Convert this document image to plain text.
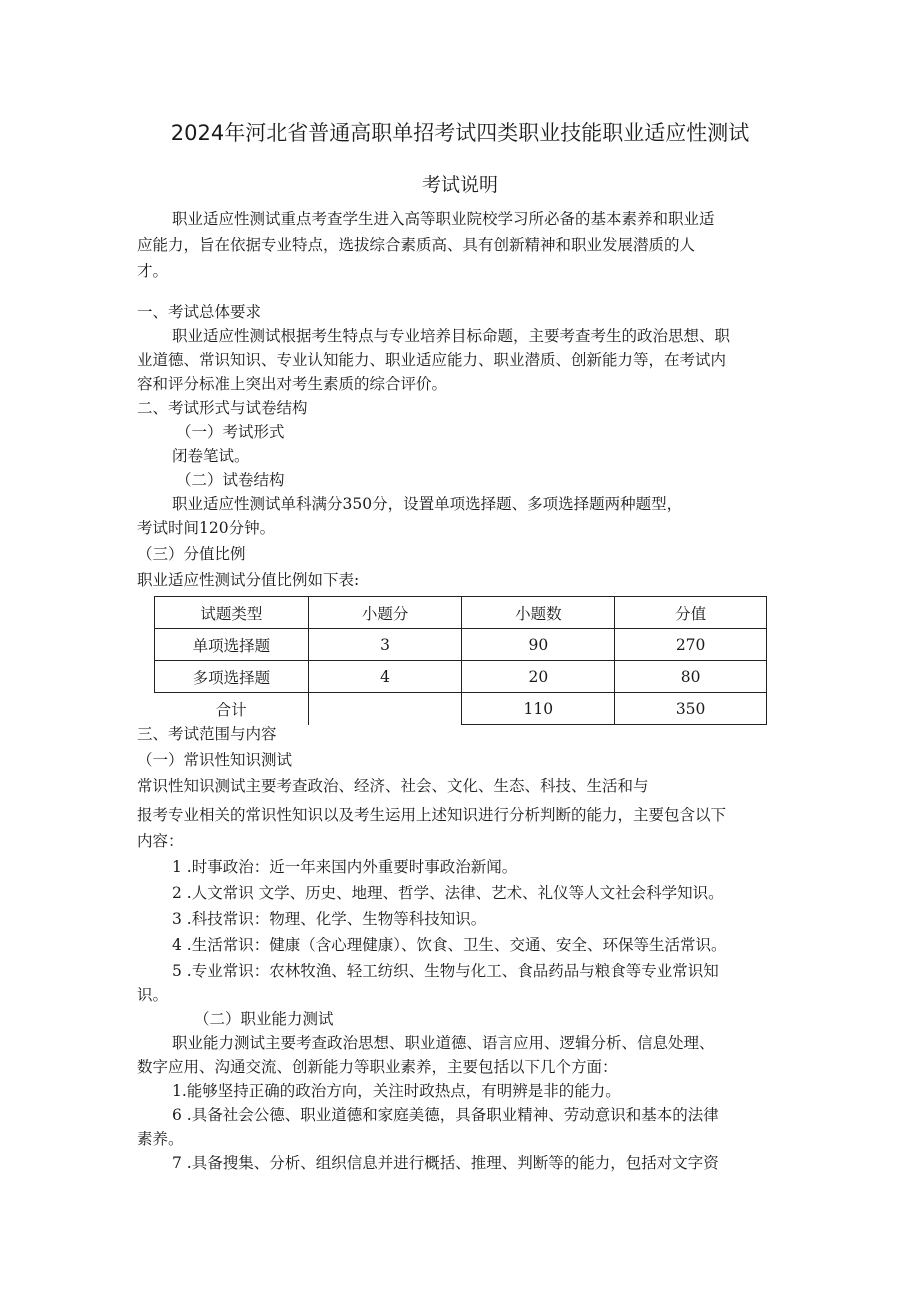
2024年河北省普通高职单招考试四类职业技能职业适应性测试
考试说明
职业适应性测试重点考查学生进入高等职业院校学习所必备的基本素养和职业适
应能力，旨在依据专业特点，选拔综合素质高、具有创新精神和职业发展潜质的人
才。
一、考试总体要求
职业适应性测试根据考生特点与专业培养目标命题，主要考查考生的政治思想、职
业道德、常识知识、专业认知能力、职业适应能力、职业潜质、创新能力等，在考试内
容和评分标准上突出对考生素质的综合评价。
二、考试形式与试卷结构
（一）考试形式
闭卷笔试。
（二）试卷结构
职业适应性测试单科满分350分，设置单项选择题、多项选择题两种题型，
考试时间120分钟。
（三）分值比例
职业适应性测试分值比例如下表:
试题类型	小题分	小题数	分值
单项选择题	3	90	270
多项选择题	4	20	80
合计		110	350
三、考试范围与内容
（一）常识性知识测试
常识性知识测试主要考查政治、经济、社会、文化、生态、科技、生活和与
报考专业相关的常识性知识以及考生运用上述知识进行分析判断的能力，主要包含以下
内容：
1 .时事政治：近一年来国内外重要时事政治新闻。
2 .人文常识 文学、历史、地理、哲学、法律、艺术、礼仪等人文社会科学知识。
3 .科技常识：物理、化学、生物等科技知识。
4 .生活常识：健康（含心理健康）、饮食、卫生、交通、安全、环保等生活常识。
5 .专业常识：农林牧渔、轻工纺织、生物与化工、食品药品与粮食等专业常识知
识。
（二）职业能力测试
职业能力测试主要考查政治思想、职业道德、语言应用、逻辑分析、信息处理、
数字应用、沟通交流、创新能力等职业素养，主要包括以下几个方面：
1.能够坚持正确的政治方向，关注时政热点，有明辨是非的能力。
6 .具备社会公德、职业道德和家庭美德，具备职业精神、劳动意识和基本的法律
素养。
7 .具备搜集、分析、组织信息并进行概括、推理、判断等的能力，包括对文字资
